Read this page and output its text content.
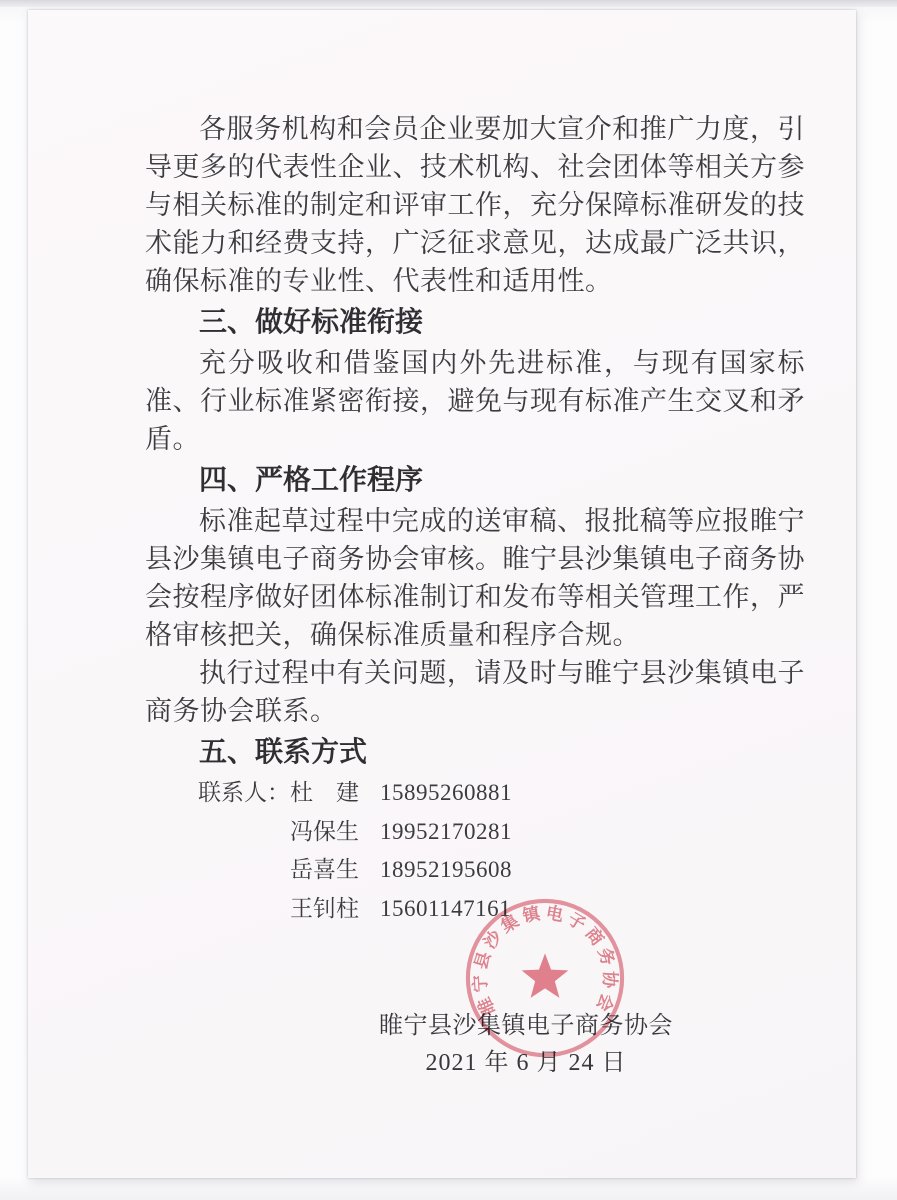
各服务机构和会员企业要加大宣介和推广力度，引导更多的代表性企业、技术机构、社会团体等相关方参与相关标准的制定和评审工作，充分保障标准研发的技术能力和经费支持，广泛征求意见，达成最广泛共识，确保标准的专业性、代表性和适用性。
三、做好标准衔接
充分吸收和借鉴国内外先进标准，与现有国家标准、行业标准紧密衔接，避免与现有标准产生交叉和矛盾。
四、严格工作程序
标准起草过程中完成的送审稿、报批稿等应报睢宁县沙集镇电子商务协会审核。睢宁县沙集镇电子商务协会按程序做好团体标准制订和发布等相关管理工作，严格审核把关，确保标准质量和程序合规。
执行过程中有关问题，请及时与睢宁县沙集镇电子商务协会联系。
五、联系方式
联系人： 杜　建 15895260881
冯保生 19952170281
岳喜生 18952195608
王钊柱 15601147161
睢宁县沙集镇电子商务协会
2021 年 6 月 24 日
睢宁县沙集镇电子商务协会
